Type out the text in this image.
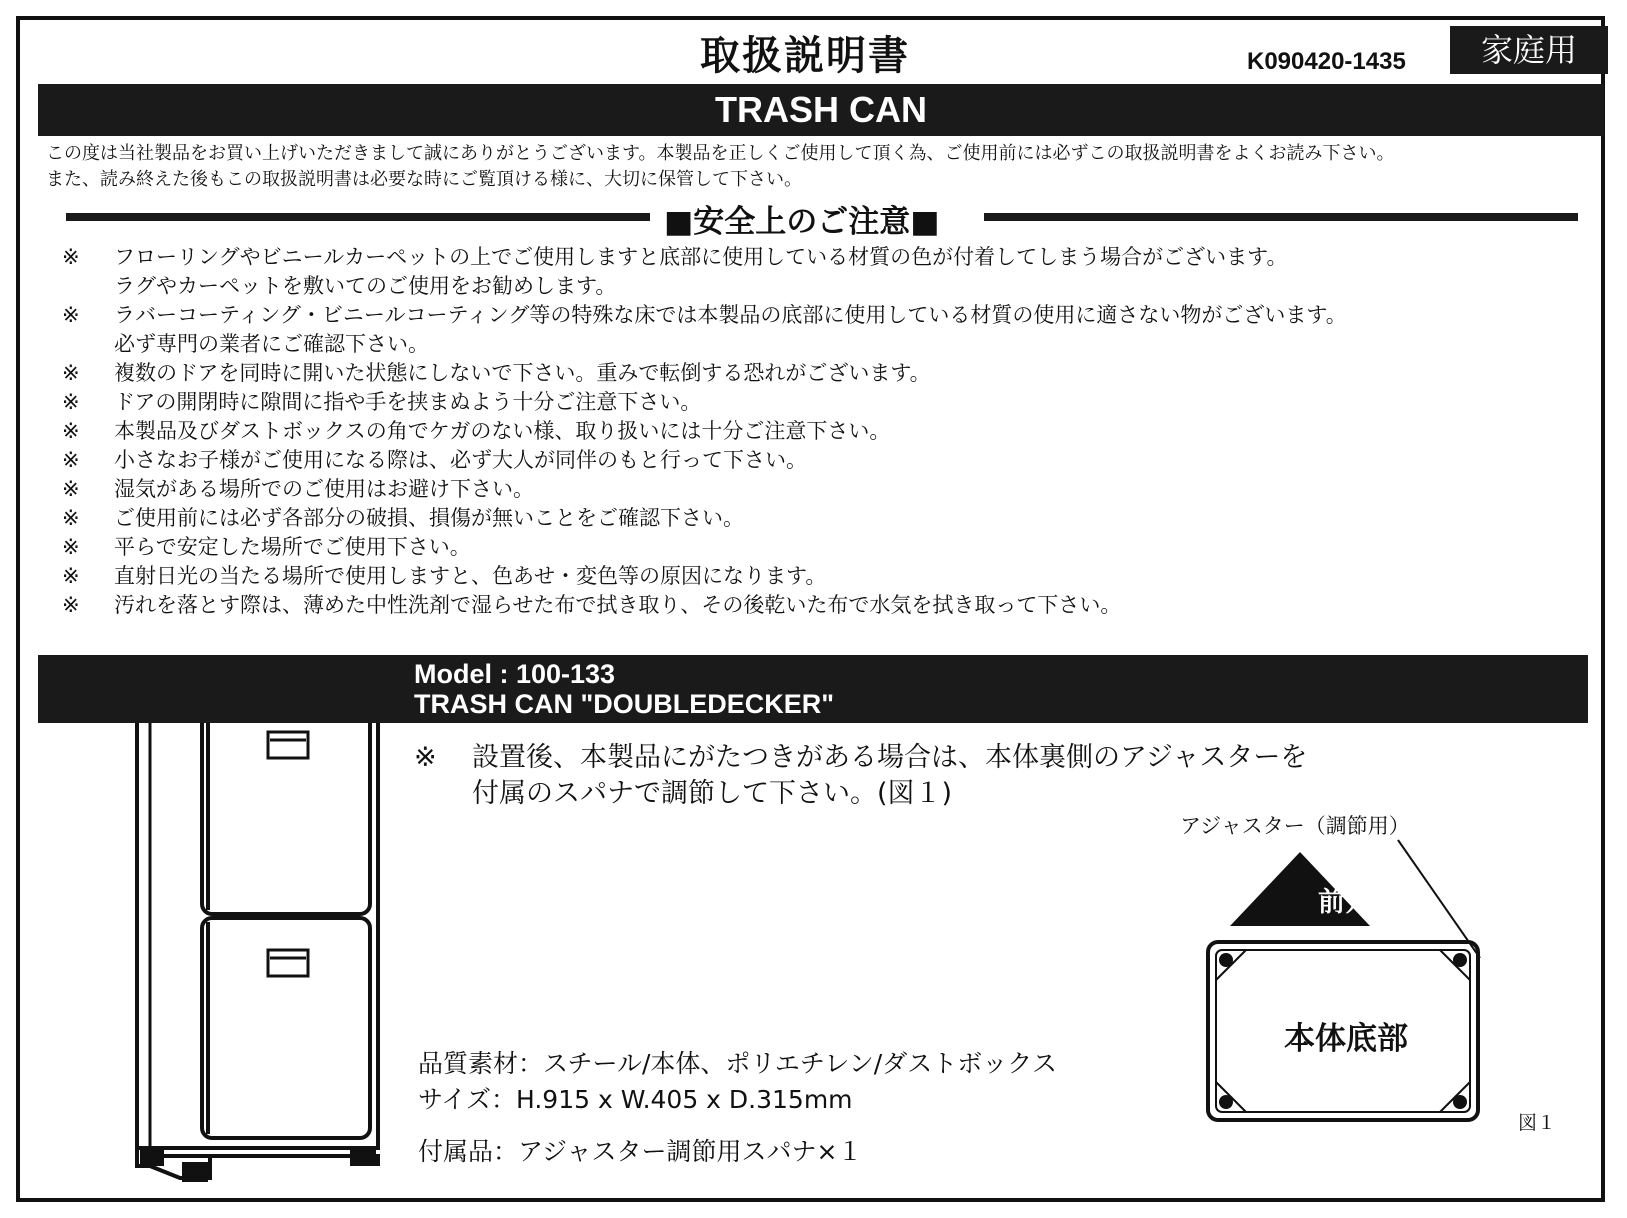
取扱説明書	K090420-1435	家庭用
TRASH CAN
この度は当社製品をお買い上げいただきまして誠にありがとうございます。本製品を正しくご使用して頂く為、ご使用前には必ずこの取扱説明書をよくお読み下さい。
また、読み終えた後もこの取扱説明書は必要な時にご覧頂ける様に、大切に保管して下さい。
■安全上のご注意■
※	フローリングやビニールカーペットの上でご使用しますと底部に使用している材質の色が付着してしまう場合がございます。
ラグやカーペットを敷いてのご使用をお勧めします。
※	ラバーコーティング・ビニールコーティング等の特殊な床では本製品の底部に使用している材質の使用に適さない物がございます。
必ず専門の業者にご確認下さい。
※	複数のドアを同時に開いた状態にしないで下さい。重みで転倒する恐れがございます。
※	ドアの開閉時に隙間に指や手を挟まぬよう十分ご注意下さい。
※	本製品及びダストボックスの角でケガのない様、取り扱いには十分ご注意下さい。
※	小さなお子様がご使用になる際は、必ず大人が同伴のもと行って下さい。
※	湿気がある場所でのご使用はお避け下さい。
※	ご使用前には必ず各部分の破損、損傷が無いことをご確認下さい。
※	平らで安定した場所でご使用下さい。
※	直射日光の当たる場所で使用しますと、色あせ・変色等の原因になります。
※	汚れを落とす際は、薄めた中性洗剤で湿らせた布で拭き取り、その後乾いた布で水気を拭き取って下さい。
Model : 100-133
TRASH CAN "DOUBLEDECKER"
※	設置後、本製品にがたつきがある場合は、本体裏側のアジャスターを
付属のスパナで調節して下さい。(図１)
品質素材：スチール/本体、ポリエチレン/ダストボックス
サイズ：H.915 x W.405 x D.315mm
付属品：アジャスター調節用スパナ×１
アジャスター（調節用）
前方
本体底部
図１
